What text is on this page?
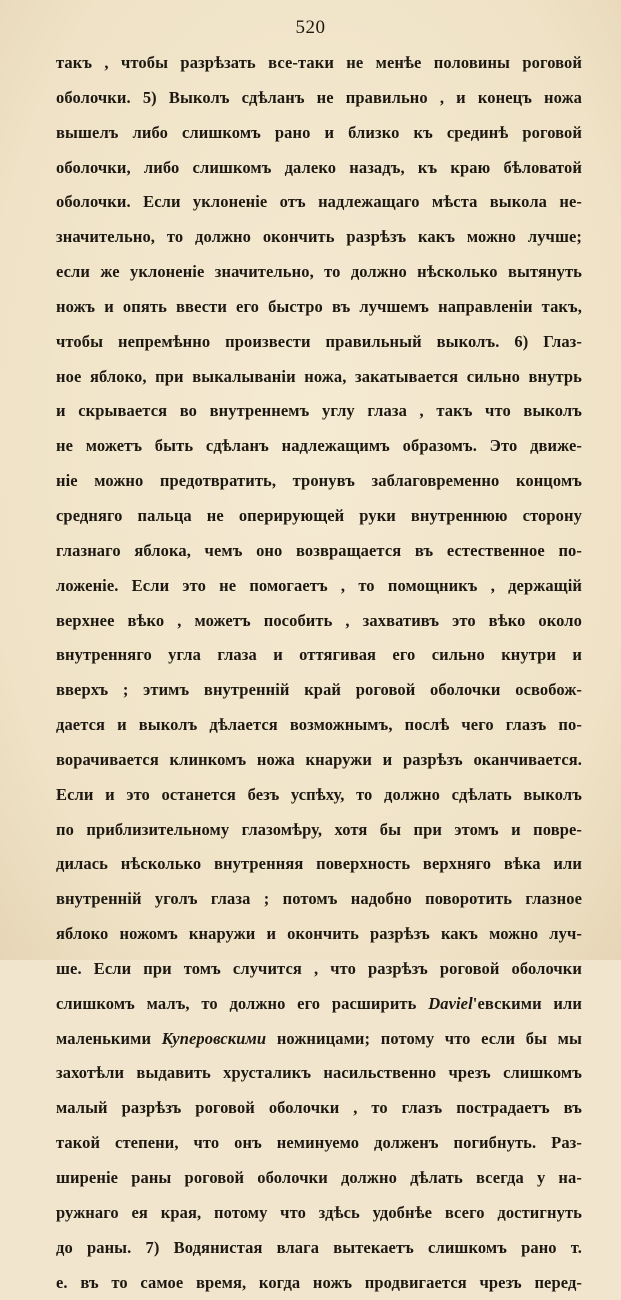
520
такъ , чтобы разрѣзать все-таки не менѣе половины роговой
оболочки. 5) Выколъ сдѣланъ не правильно , и конецъ ножа
вышелъ либо слишкомъ рано и близко къ срединѣ роговой
оболочки, либо слишкомъ далеко назадъ, къ краю бѣловатой
оболочки. Если уклоненіе отъ надлежащаго мѣста выкола не-
значительно, то должно окончить разрѣзъ какъ можно лучше;
если же уклоненіе значительно, то должно нѣсколько вытянуть
ножъ и опять ввести его быстро въ лучшемъ направленіи такъ,
чтобы непремѣнно произвести правильный выколъ. 6) Глаз-
ное яблоко, при выкалываніи ножа, закатывается сильно внутрь
и скрывается во внутреннемъ углу глаза , такъ что выколъ
не можетъ быть сдѣланъ надлежащимъ образомъ. Это движе-
ніе можно предотвратить, тронувъ заблаговременно концомъ
средняго пальца не оперирующей руки внутреннюю сторону
глазнаго яблока, чемъ оно возвращается въ естественное по-
ложеніе. Если это не помогаетъ , то помощникъ , держащій
верхнее вѣко , можетъ пособить , захвативъ это вѣко около
внутренняго угла глаза и оттягивая его сильно кнутри и
вверхъ ; этимъ внутренній край роговой оболочки освобож-
дается и выколъ дѣлается возможнымъ, послѣ чего глазъ по-
ворачивается клинкомъ ножа кнаружи и разрѣзъ оканчивается.
Если и это останется безъ успѣху, то должно сдѣлать выколъ
по приблизительному глазомѣру, хотя бы при этомъ и повре-
дилась нѣсколько внутренняя поверхность верхняго вѣка или
внутренній уголъ глаза ; потомъ надобно поворотить глазное
яблоко ножомъ кнаружи и окончить разрѣзъ какъ можно луч-
ше. Если при томъ случится , что разрѣзъ роговой оболочки
слишкомъ малъ, то должно его расширить Daviel'евскими или
маленькими Куперовскими ножницами; потому что если бы мы
захотѣли выдавить хрусталикъ насильственно чрезъ слишкомъ
малый разрѣзъ роговой оболочки , то глазъ пострадаетъ въ
такой степени, что онъ неминуемо долженъ погибнуть. Раз-
ширеніе раны роговой оболочки должно дѣлать всегда у на-
ружнаго ея края, потому что здѣсь удобнѣе всего достигнуть
до раны. 7) Водянистая влага вытекаетъ слишкомъ рано т.
е. въ то самое время, когда ножъ продвигается чрезъ перед-
